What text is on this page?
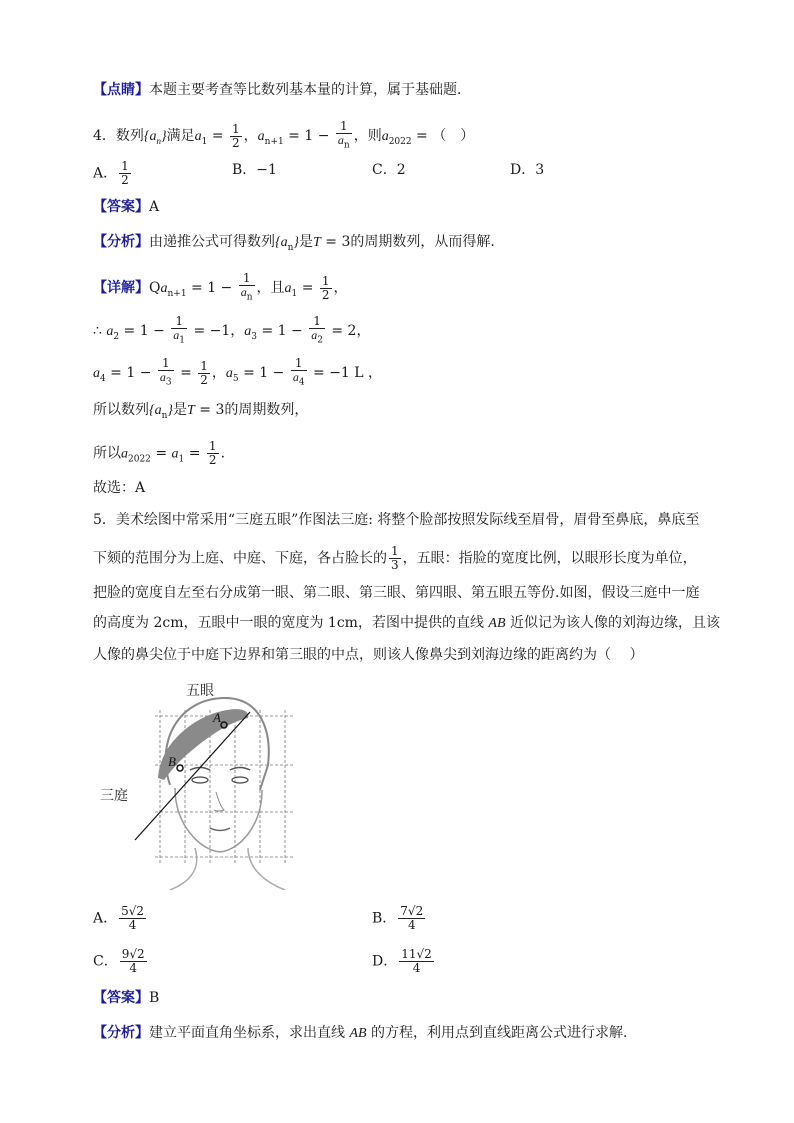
【点睛】本题主要考查等比数列基本量的计算，属于基础题．
4．数列$\{a_n\}$满足$a_1 = \frac{1}{2}$ ，$a_{n+1} = 1 - \frac{1}{a_n}$ ，则$a_{2022}$ = （　）
A． $\frac{1}{2}$	B．−1	C．2	D．3
【答案】A
【分析】由递推公式可得数列$\{a_n\}$是T = 3的周期数列，从而得解.
【详解】$Qa_{n+1} = 1 - \frac{1}{a_n}$ ，且$a_1 = \frac{1}{2}$ ，
∴ $a_2 = 1 - \frac{1}{a_1} = -1$，$a_3 = 1 - \frac{1}{a_2} = 2$，
$a_4 = 1 - \frac{1}{a_3} = \frac{1}{2}$ ，$a_5 = 1 - \frac{1}{a_4} = -1$ L ，
所以数列$\{a_n\}$是T = 3的周期数列，
所以$a_{2022} = a_1 = \frac{1}{2}$ .
故选：A
5．美术绘图中常采用“三庭五眼”作图法三庭: 将整个脸部按照发际线至眉骨，眉骨至鼻底，鼻底至
下颏的范围分为上庭、中庭、下庭，各占脸长的 $\frac{1}{3}$ ，五眼：指脸的宽度比例，以眼形长度为单位，
把脸的宽度自左至右分成第一眼、第二眼、第三眼、第四眼、第五眼五等份.如图，假设三庭中一庭
的高度为 2cm，五眼中一眼的宽度为 1cm，若图中提供的直线 AB 近似记为该人像的刘海边缘，且该
人像的鼻尖位于中庭下边界和第三眼的中点，则该人像鼻尖到刘海边缘的距离约为（　 ）
五眼
三庭
A
B
A． $\frac{5√2}{4}$	B． $\frac{7√2}{4}$
C． $\frac{9√2}{4}$	D． $\frac{11√2}{4}$
【答案】B
【分析】建立平面直角坐标系，求出直线 AB 的方程，利用点到直线距离公式进行求解.
